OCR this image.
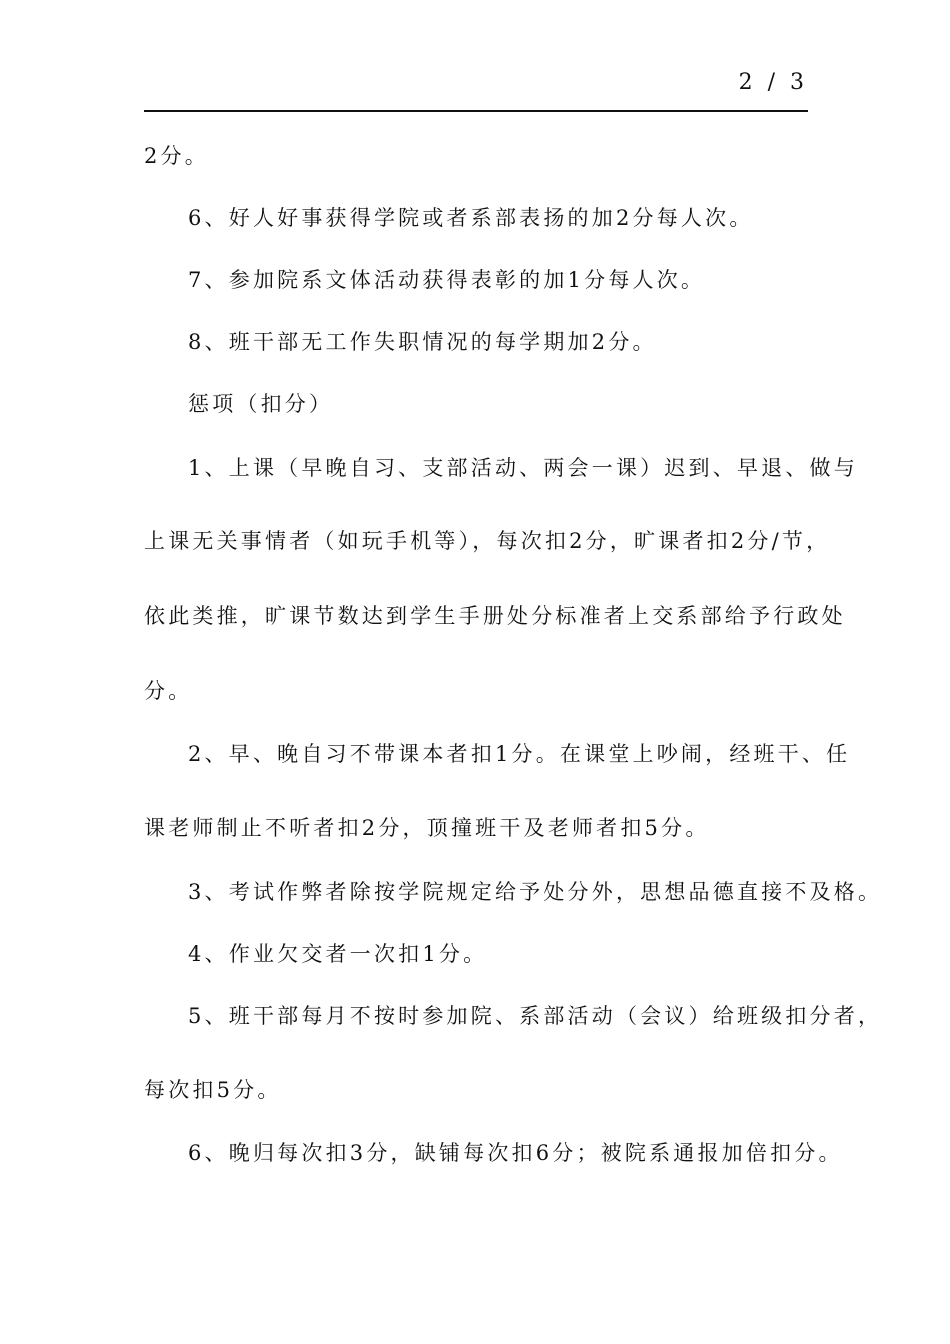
2 / 3
2分。
6、好人好事获得学院或者系部表扬的加2分每人次。
7、参加院系文体活动获得表彰的加1分每人次。
8、班干部无工作失职情况的每学期加2分。
惩项（扣分）
1、上课（早晚自习、支部活动、两会一课）迟到、早退、做与
上课无关事情者（如玩手机等），每次扣2分，旷课者扣2分/节，
依此类推，旷课节数达到学生手册处分标准者上交系部给予行政处
分。
2、早、晚自习不带课本者扣1分。在课堂上吵闹，经班干、任
课老师制止不听者扣2分，顶撞班干及老师者扣5分。
3、考试作弊者除按学院规定给予处分外，思想品德直接不及格。
4、作业欠交者一次扣1分。
5、班干部每月不按时参加院、系部活动（会议）给班级扣分者，
每次扣5分。
6、晚归每次扣3分，缺铺每次扣6分；被院系通报加倍扣分。
